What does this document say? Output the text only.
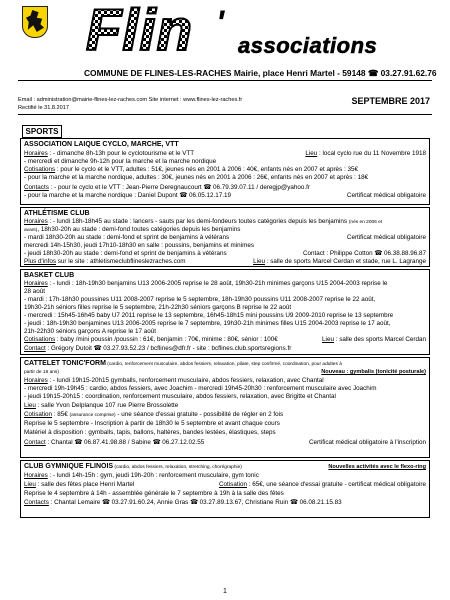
Flin '
associations
COMMUNE DE FLINES-LES-RACHES Mairie, place Henri Martel - 59148 ☎ 03.27.91.62.76
Email : administration@mairie-flines-lez-raches.com Site internet : www.flines-lez-raches.fr
Rectifié le 31.8.2017
SEPTEMBRE 2017
SPORTS
ASSOCIATION LAIQUE CYCLO, MARCHE, VTT
Horaires : - dimanche 8h-13h pour le cyclotourisme et le VTT	Lieu : local cyclo rue du 11 Novembre 1918
- mercredi et dimanche 9h-12h pour la marche et la marche nordique
Cotisations : pour le cyclo et le VTT, adultes : 51€, jeunes nés en 2001 à 2006 : 40€, enfants nés en 2007 et après : 35€
- pour la marche et la marche nordique, adultes : 30€, jeunes nés en 2001 à 2006 : 26€, enfants nés en 2007 et après : 18€
Contacts : - pour le cyclo et le VTT : Jean-Pierre Deregnaucourt ☎ 06.79.39.07.11 / deregjp@yahoo.fr
- pour la marche et la marche nordique : Daniel Dupont ☎ 06.05.12.17.19	Certificat médical obligatoire
ATHLÉTISME CLUB
Horaires : - lundi 18h-18h45 au stade : lancers - sauts par les demi-fondeurs toutes catégories depuis les benjamins (nés en 2006 et
avant), 18h30-20h au stade : demi-fond toutes catégories depuis les benjamins
- mardi 18h30-20h au stade : demi-fond et sprint de benjamins à vétérans	Certificat médical obligatoire
mercredi 14h-15h30, jeudi 17h10-18h30 en salle : poussins, benjamins et minimes
- jeudi 18h30-20h au stade : demi-fond et sprint de benjamins à vétérans	Contact : Philippe Cotton ☎ 06.38.88.96.87
Plus d'infos sur le site : athletismeclubflineslezraches.com	Lieu : salle de sports Marcel Cerdan et stade, rue L. Lagrange
BASKET CLUB
Horaires : - lundi : 18h-19h30 benjamins U13 2006-2005 reprise le 28 août, 19h30-21h minimes garçons U15 2004-2003 reprise le
28 août
- mardi : 17h-18h30 poussines U11 2008-2007 reprise le 5 septembre, 18h-19h30 poussins U11 2008-2007 reprise le 22 août,
19h30-21h séniors filles reprise le 5 septembre, 21h-22h30 séniors garçons B reprise le 22 août
- mercredi : 15h45-16h45 baby U7 2011 reprise le 13 septembre, 16h45-18h15 mini poussins U9 2009-2010 reprise le 13 septembre
- jeudi : 18h-19h30 benjamines U13 2006-2005 reprise le 7 septembre, 19h30-21h minimes filles U15 2004-2003 reprise le 17 août,
21h-22h30 séniors garçons A reprise le 17 août
Cotisations : baby /mini poussin /poussin : 61€, benjamin : 70€, minime : 80€, sénior : 100€	Lieu : salle des sports Marcel Cerdan
Contact : Grégory Dutoit ☎ 03.27.93.52.23 / bcflines@dfr.fr - site : bcflines.club.sportsregions.fr
CATTELET TONIC'FORM (cardio, renforcement musculaire, abdos fessiers, relaxation, pilate, step confirmé, coordination, pour adultes à
partir de 16 ans)	Nouveau : gymbalis (tonicité posturale)
Horaires : - lundi 19h15-20h15 gymballs, renforcement musculaire, abdos fessiers, relaxation, avec Chantal
- mercredi 19h-19h45 : cardio, abdos fessiers, avec Joachim - mercredi 19h45-20h30 : renforcement musculaire avec Joachim
- jeudi 19h15-20h15 : coordination, renforcement musculaire, abdos fessiers, relaxation, avec Brigitte et Chantal
Lieu : salle Yvon Delplanque 107 rue Pierre Brossolette
Cotisation : 85€ (assurance comprise) - une séance d'essai gratuite - possibilité de régler en 2 fois
Reprise le 5 septembre - Inscription à partir de 18h30 le 5 septembre et avant chaque cours
Matériel à disposition : gymballs, tapis, ballons, haltères, bandes lestées, élastiques, steps
Contact : Chantal ☎ 06.87.41.98.88 / Sabine ☎ 06.27.12.02.55	Certificat médical obligatoire à l'inscription
CLUB GYMNIQUE FLINOIS (cardio, abdos fessiers, relaxation, stretching, chorégraphie)	Nouvelles activités avec le flexo-ring
Horaires : - lundi 14h-15h : gym, jeudi 19h-20h : renforcement musculaire, gym tonic
Lieu : salle des fêtes place Henri Martel	Cotisation : 65€, une séance d'essai gratuite - certificat médical obligatoire
Reprise le 4 septembre à 14h - assemblée générale le 7 septembre à 19h à la salle des fêtes
Contacts : Chantal Lemaire ☎ 03.27.91.60.24, Annie Gras ☎ 03.27.89.13.67, Christiane Ruin ☎ 06.08.21.15.83
1
